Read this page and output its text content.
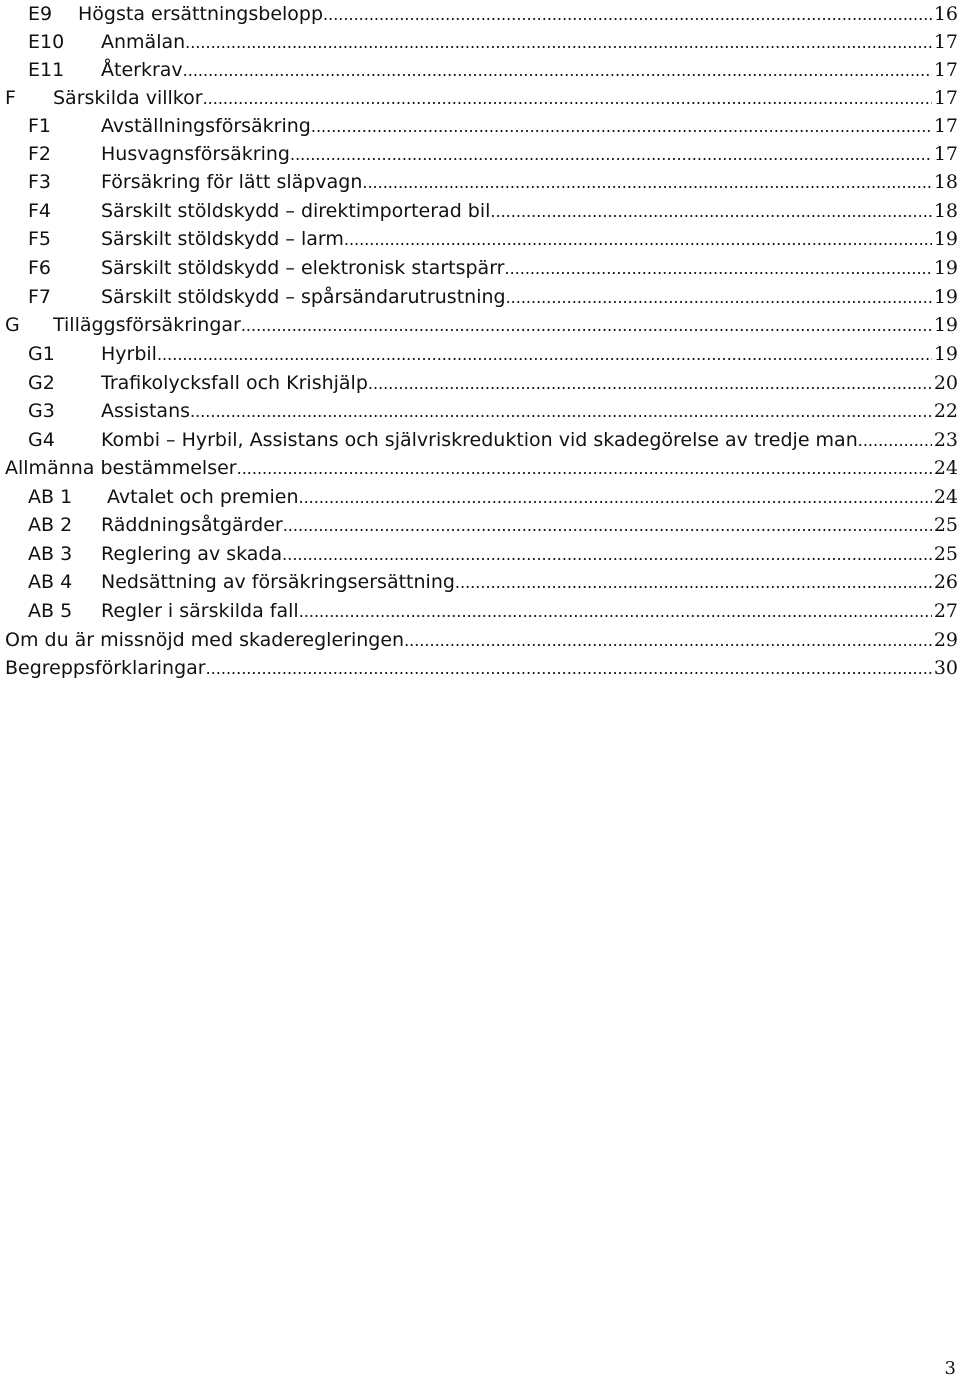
E9 Högsta ersättningsbelopp .....	16
E10 Anmälan .....	17
E11 Återkrav .....	17
F Särskilda villkor .....	17
F1	Avställningsförsäkring .....	17
F2	Husvagnsförsäkring .....	17
F3	Försäkring för lätt släpvagn .....	18
F4	Särskilt stöldskydd – direktimporterad bil .....	18
F5	Särskilt stöldskydd – larm .....	19
F6	Särskilt stöldskydd – elektronisk startspärr .....	19
F7	Särskilt stöldskydd – spårsändarutrustning .....	19
G Tilläggsförsäkringar .....	19
G1 Hyrbil .....	19
G2 Trafikolycksfall och Krishjälp .....	20
G3 Assistans .....	22
G4 Kombi – Hyrbil, Assistans och självriskreduktion vid skadegörelse av tredje man .....	23
Allmänna bestämmelser .....	24
AB 1 Avtalet och premien .....	24
AB 2 Räddningsåtgärder .....	25
AB 3 Reglering av skada .....	25
AB 4 Nedsättning av försäkringsersättning .....	26
AB 5 Regler i särskilda fall .....	27
Om du är missnöjd med skaderegleringen .....	29
Begreppsförklaringar .....	30
3
